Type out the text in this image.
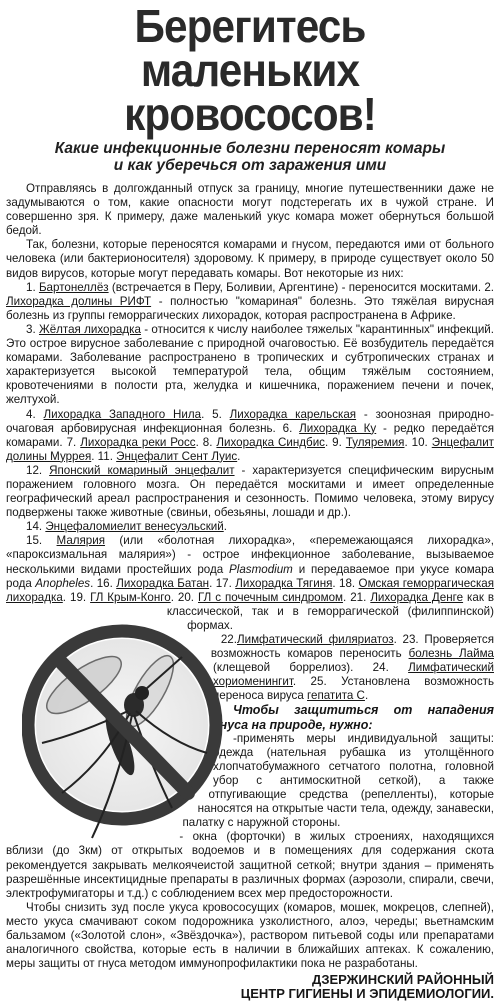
Берегитесь маленьких
кровососов!
Какие инфекционные болезни переносят комары
и как уберечься от заражения ими

Отправляясь в долгожданный отпуск за границу, многие путешественники даже не задумываются о том, какие опасности могут подстерегать их в чужой стране. И совершенно зря. К примеру, даже маленький укус комара может обернуться большой бедой.

Так, болезни, которые переносятся комарами и гнусом, передаются ими от больного человека (или бактерионосителя) здоровому. К примеру, в природе существует около 50 видов вирусов, которые могут передавать комары. Вот некоторые из них:

1. Бартонеллёз (встречается в Перу, Боливии, Аргентине) - переносится москитами. 2. Лихорадка долины РИФТ - полностью "комариная" болезнь. Это тяжёлая вирусная болезнь из группы геморрагических лихорадок, которая распространена в Африке.

3. Жёлтая лихорадка - относится к числу наиболее тяжелых "карантинных" инфекций. Это острое вирусное заболевание с природной очаговостью. Её возбудитель передаётся комарами. Заболевание распространено в тропических и субтропических странах и характеризуется высокой температурой тела, общим тяжёлым состоянием, кровотечениями в полости рта, желудка и кишечника, поражением печени и почек, желтухой.

4. Лихорадка Западного Нила. 5. Лихорадка карельская - зоонозная природно-очаговая арбовирусная инфекционная болезнь. 6. Лихорадка Ку - редко передаётся комарами. 7. Лихорадка реки Росс. 8. Лихорадка Синдбис. 9. Туляремия. 10. Энцефалит долины Муррея. 11. Энцефалит Сент Луис.

12. Японский комариный энцефалит - характеризуется специфическим вирусным поражением головного мозга. Он передаётся москитами и имеет определенные географический ареал распространения и сезонность. Помимо человека, этому вирусу подвержены также животные (свиньи, обезьяны, лошади и др.).

14. Энцефаломиелит венесуэльский.

15. Малярия (или «болотная лихорадка», «перемежающаяся лихорадка», «пароксизмальная малярия») - острое инфекционное заболевание, вызываемое несколькими видами простейших рода Plasmodium и передаваемое при укусе комара рода Anopheles. 16. Лихорадка Батан. 17. Лихорадка Тягиня. 18. Омская геморрагическая лихорадка. 19.
ГЛ Крым-Конго. 20. ГЛ с почечным синдромом. 21. Лихорадка Денге как в классической, так и в геморрагической (филиппинской) формах.

22.Лимфатический филяриатоз. 23. Проверяется возможность комаров переносить болезнь Лайма (клещевой боррелиоз). 24. Лимфатический хориоменингит. 25. Установлена возможность переноса вируса гепатита С.

Чтобы защититься от нападения гнуса на природе, нужно:

-применять меры индивидуальной защиты: одежда (нательная рубашка из утолщённого хлопчатобумажного сетчатого полотна, головной убор с антимоскитной сеткой), а также отпугивающие средства (репелленты), которые наносятся на открытые части тела, одежду, занавески, палатку с наружной стороны.

- окна (форточки) в жилых строениях, находящихся вблизи (до 3км) от открытых водоемов и в помещениях для содержания скота рекомендуется закрывать мелкоячеистой защитной сеткой; внутри здания – применять разрешённые инсектицидные препараты в различных формах (аэрозоли, спирали, свечи, электрофумигаторы и т.д.) с соблюдением всех мер предосторожности.

Чтобы снизить зуд после укуса кровососущих (комаров, мошек, мокрецов, слепней), место укуса смачивают соком подорожника узколистного, алоэ, череды; вьетнамским бальзамом («Золотой слон», «Звёздочка»), раствором питьевой соды или препаратами аналогичного свойства, которые есть в наличии в ближайших аптеках. К сожалению, меры защиты от гнуса методом иммунопрофилактики пока не разработаны.

ДЗЕРЖИНСКИЙ РАЙОННЫЙ
ЦЕНТР ГИГИЕНЫ И ЭПИДЕМИОЛОГИИ.
